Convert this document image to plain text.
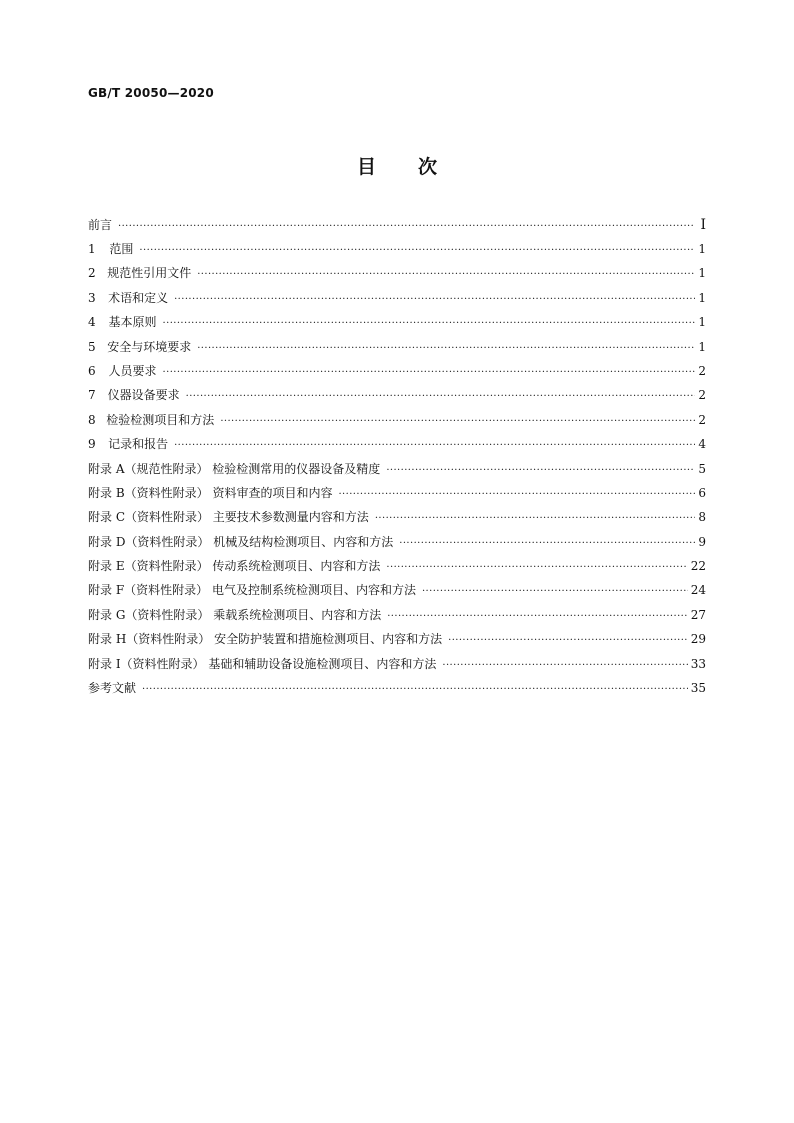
GB/T 20050—2020
目次
前言 ·····	I
1	范围 ·····	1
2 规范性引用文件 ·····	1
3	术语和定义 ·····	1
4	基本原则 ·····	1
5 安全与环境要求 ·····	1
6	人员要求 ·····	2
7 仪器设备要求 ·····	2
8 检验检测项目和方法 ·····	2
9	记录和报告 ·····	4
附录 A（规范性附录） 检验检测常用的仪器设备及精度 ·····	5
附录 B（资料性附录） 资料审查的项目和内容 ·····	6
附录 C（资料性附录） 主要技术参数测量内容和方法 ·····	8
附录 D（资料性附录） 机械及结构检测项目、内容和方法 ·····	9
附录 E（资料性附录） 传动系统检测项目、内容和方法 ·····	22
附录 F（资料性附录） 电气及控制系统检测项目、内容和方法 ·····	24
附录 G（资料性附录） 乘载系统检测项目、内容和方法 ·····	27
附录 H（资料性附录） 安全防护装置和措施检测项目、内容和方法 ·····	29
附录 I（资料性附录） 基础和辅助设备设施检测项目、内容和方法 ·····	33
参考文献 ·····	35
